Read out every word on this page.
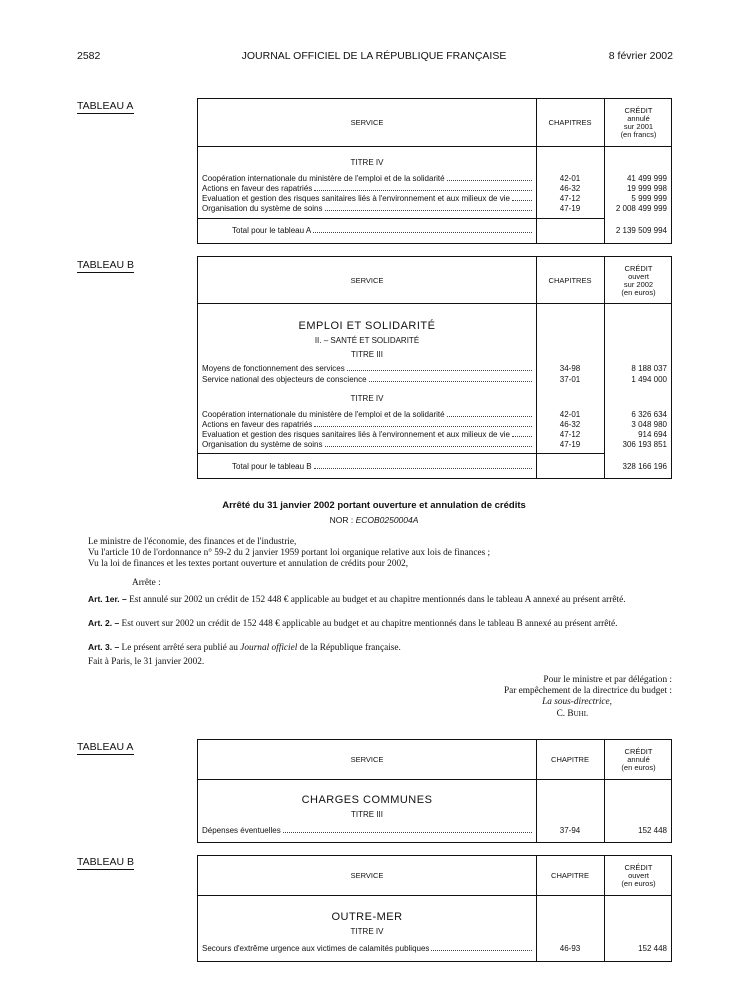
2582	JOURNAL OFFICIEL DE LA RÉPUBLIQUE FRANÇAISE	8 février 2002
TABLEAU A
SERVICE	CHAPITRES
CRÉDIT
annulé
sur 2001
(en francs)
TITRE IV
Coopération internationale du ministère de l'emploi et de la solidarité	42-01	41 499 999
Actions en faveur des rapatriés	46-32	19 999 998
Evaluation et gestion des risques sanitaires liés à l'environnement et aux milieux de vie	47-12	5 999 999
Organisation du système de soins	47-19	2 008 499 999
Total pour le tableau A	2 139 509 994
TABLEAU B
SERVICE	CHAPITRES
CRÉDIT
ouvert
sur 2002
(en euros)
EMPLOI ET SOLIDARITÉ
II. – SANTÉ ET SOLIDARITÉ
TITRE III
Moyens de fonctionnement des services	34-98	8 188 037
Service national des objecteurs de conscience	37-01	1 494 000
TITRE IV
Coopération internationale du ministère de l'emploi et de la solidarité	42-01	6 326 634
Actions en faveur des rapatriés	46-32	3 048 980
Evaluation et gestion des risques sanitaires liés à l'environnement et aux milieux de vie	47-12	914 694
Organisation du système de soins	47-19	306 193 851
Total pour le tableau B	328 166 196
Arrêté du 31 janvier 2002 portant ouverture et annulation de crédits
NOR : ECOB0250004A
Le ministre de l'économie, des finances et de l'industrie,
Vu l'article 10 de l'ordonnance n° 59-2 du 2 janvier 1959 portant loi organique relative aux lois de finances ;
Vu la loi de finances et les textes portant ouverture et annulation de crédits pour 2002,
Arrête :
Art. 1er. – Est annulé sur 2002 un crédit de 152 448 € applicable au budget et au chapitre mentionnés dans le tableau A annexé au présent arrêté.
Art. 2. – Est ouvert sur 2002 un crédit de 152 448 € applicable au budget et au chapitre mentionnés dans le tableau B annexé au présent arrêté.
Art. 3. – Le présent arrêté sera publié au Journal officiel de la République française.
Fait à Paris, le 31 janvier 2002.
Pour le ministre et par délégation :
Par empêchement de la directrice du budget :
La sous-directrice,
C. Buhl
TABLEAU A
SERVICE	CHAPITRE
CRÉDIT
annulé
(en euros)
CHARGES COMMUNES
TITRE III
Dépenses éventuelles	37-94	152 448
TABLEAU B
SERVICE	CHAPITRE
CRÉDIT
ouvert
(en euros)
OUTRE-MER
TITRE IV
Secours d'extrême urgence aux victimes de calamités publiques	46-93	152 448
